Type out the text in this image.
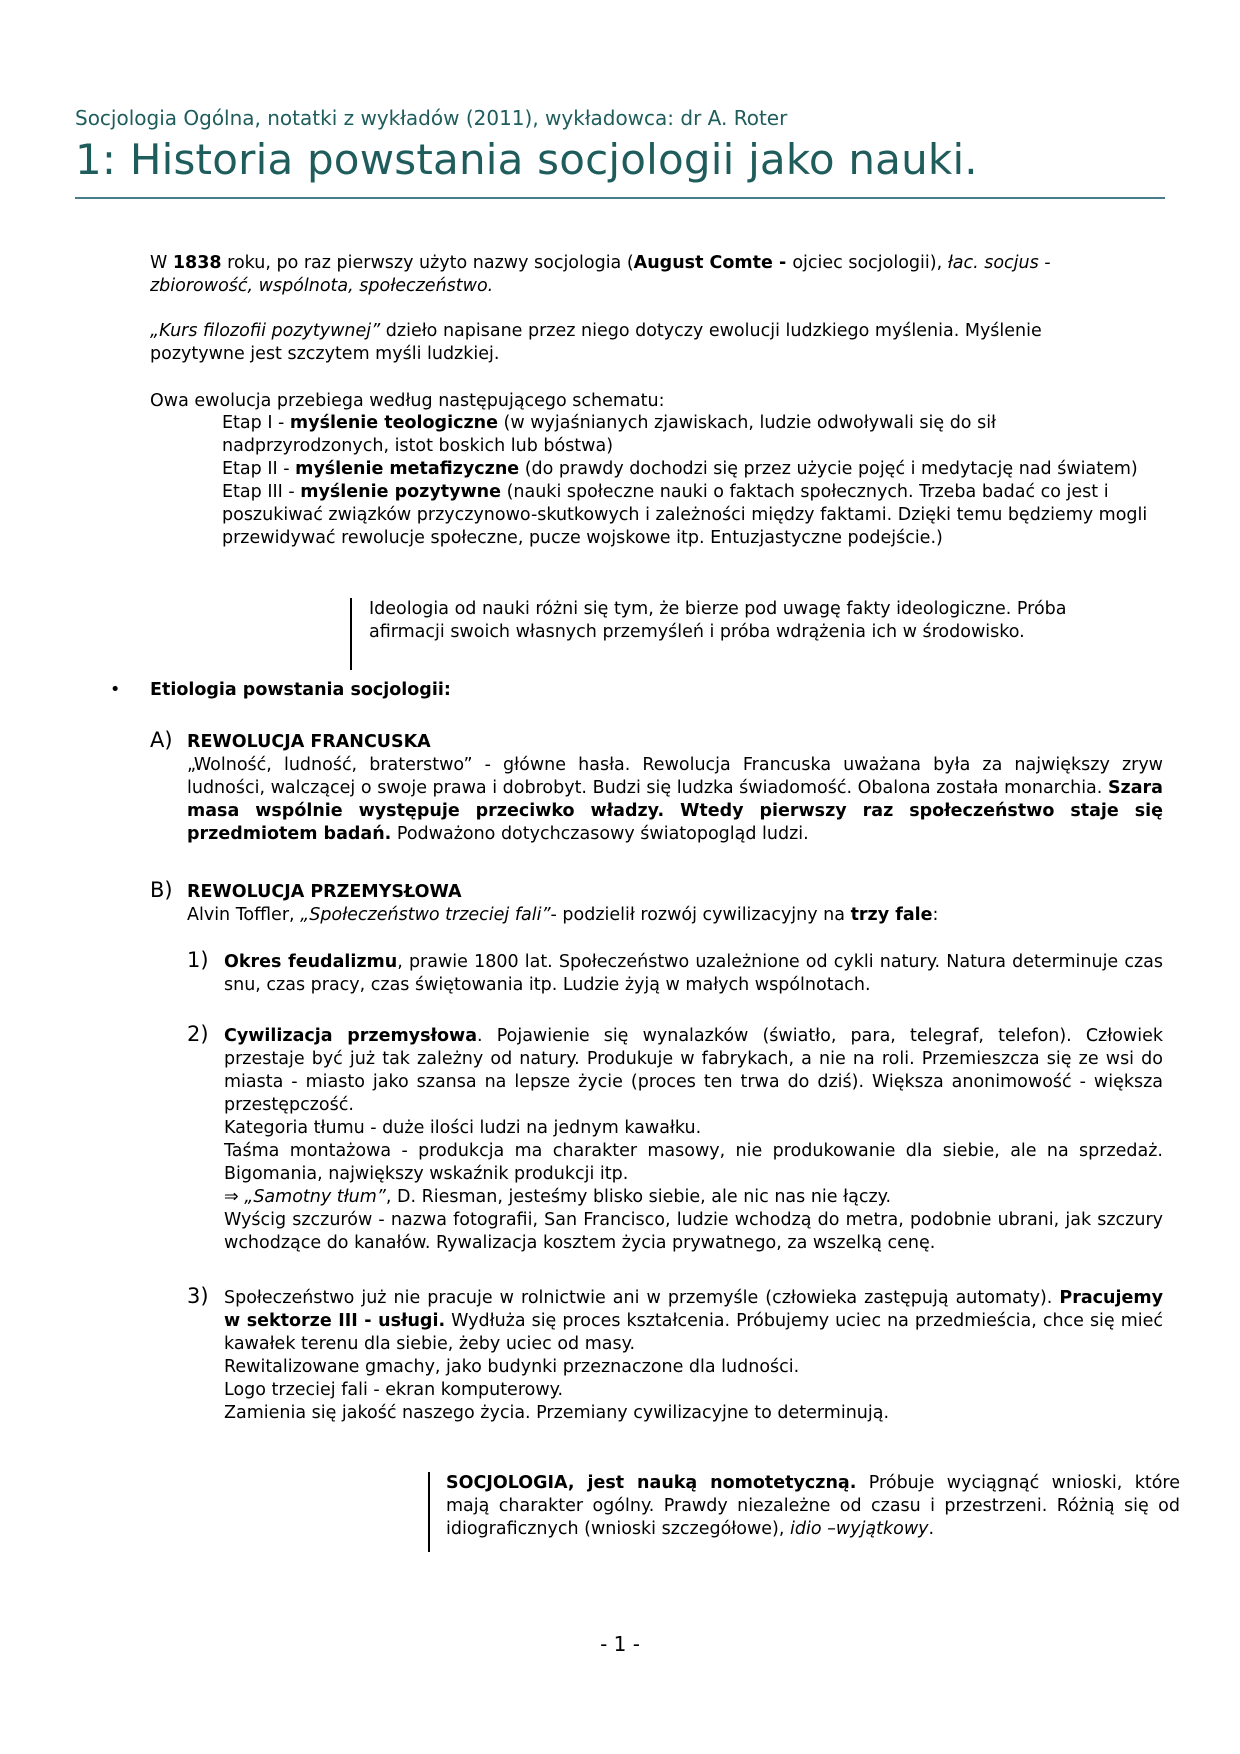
Socjologia Ogólna, notatki z wykładów (2011), wykładowca: dr A. Roter
1: Historia powstania socjologii jako nauki.
W 1838 roku, po raz pierwszy użyto nazwy socjologia (August Comte - ojciec socjologii), łac. socjus - zbiorowość, wspólnota, społeczeństwo.
„Kurs filozofii pozytywnej” dzieło napisane przez niego dotyczy ewolucji ludzkiego myślenia. Myślenie pozytywne jest szczytem myśli ludzkiej.
Owa ewolucja przebiega według następującego schematu:
Etap I - myślenie teologiczne (w wyjaśnianych zjawiskach, ludzie odwoływali się do sił nadprzyrodzonych, istot boskich lub bóstwa)
Etap II - myślenie metafizyczne (do prawdy dochodzi się przez użycie pojęć i medytację nad światem)
Etap III - myślenie pozytywne (nauki społeczne nauki o faktach społecznych. Trzeba badać co jest i poszukiwać związków przyczynowo-skutkowych i zależności między faktami. Dzięki temu będziemy mogli przewidywać rewolucje społeczne, pucze wojskowe itp. Entuzjastyczne podejście.)
Ideologia od nauki różni się tym, że bierze pod uwagę fakty ideologiczne. Próba afirmacji swoich własnych przemyśleń i próba wdrążenia ich w środowisko.
• Etiologia powstania socjologii:
A) REWOLUCJA FRANCUSKA
„Wolność, ludność, braterstwo” - główne hasła. Rewolucja Francuska uważana była za największy zryw ludności, walczącej o swoje prawa i dobrobyt. Budzi się ludzka świadomość. Obalona została monarchia. Szara masa wspólnie występuje przeciwko władzy. Wtedy pierwszy raz społeczeństwo staje się przedmiotem badań. Podważono dotychczasowy światopogląd ludzi.
B) REWOLUCJA PRZEMYSŁOWA
Alvin Toffler, „Społeczeństwo trzeciej fali”- podzielił rozwój cywilizacyjny na trzy fale:
1) Okres feudalizmu, prawie 1800 lat. Społeczeństwo uzależnione od cykli natury. Natura determinuje czas snu, czas pracy, czas świętowania itp. Ludzie żyją w małych wspólnotach.
2) Cywilizacja przemysłowa. Pojawienie się wynalazków (światło, para, telegraf, telefon). Człowiek przestaje być już tak zależny od natury. Produkuje w fabrykach, a nie na roli. Przemieszcza się ze wsi do miasta - miasto jako szansa na lepsze życie (proces ten trwa do dziś). Większa anonimowość - większa przestępczość.
Kategoria tłumu - duże ilości ludzi na jednym kawałku.
Taśma montażowa - produkcja ma charakter masowy, nie produkowanie dla siebie, ale na sprzedaż. Bigomania, największy wskaźnik produkcji itp.
⇒ „Samotny tłum”, D. Riesman, jesteśmy blisko siebie, ale nic nas nie łączy.
Wyścig szczurów - nazwa fotografii, San Francisco, ludzie wchodzą do metra, podobnie ubrani, jak szczury wchodzące do kanałów. Rywalizacja kosztem życia prywatnego, za wszelką cenę.
3) Społeczeństwo już nie pracuje w rolnictwie ani w przemyśle (człowieka zastępują automaty). Pracujemy w sektorze III - usługi. Wydłuża się proces kształcenia. Próbujemy uciec na przedmieścia, chce się mieć kawałek terenu dla siebie, żeby uciec od masy.
Rewitalizowane gmachy, jako budynki przeznaczone dla ludności.
Logo trzeciej fali - ekran komputerowy.
Zamienia się jakość naszego życia. Przemiany cywilizacyjne to determinują.
SOCJOLOGIA, jest nauką nomotetyczną. Próbuje wyciągnąć wnioski, które mają charakter ogólny. Prawdy niezależne od czasu i przestrzeni. Różnią się od idiograficznych (wnioski szczegółowe), idio –wyjątkowy.
- 1 -
